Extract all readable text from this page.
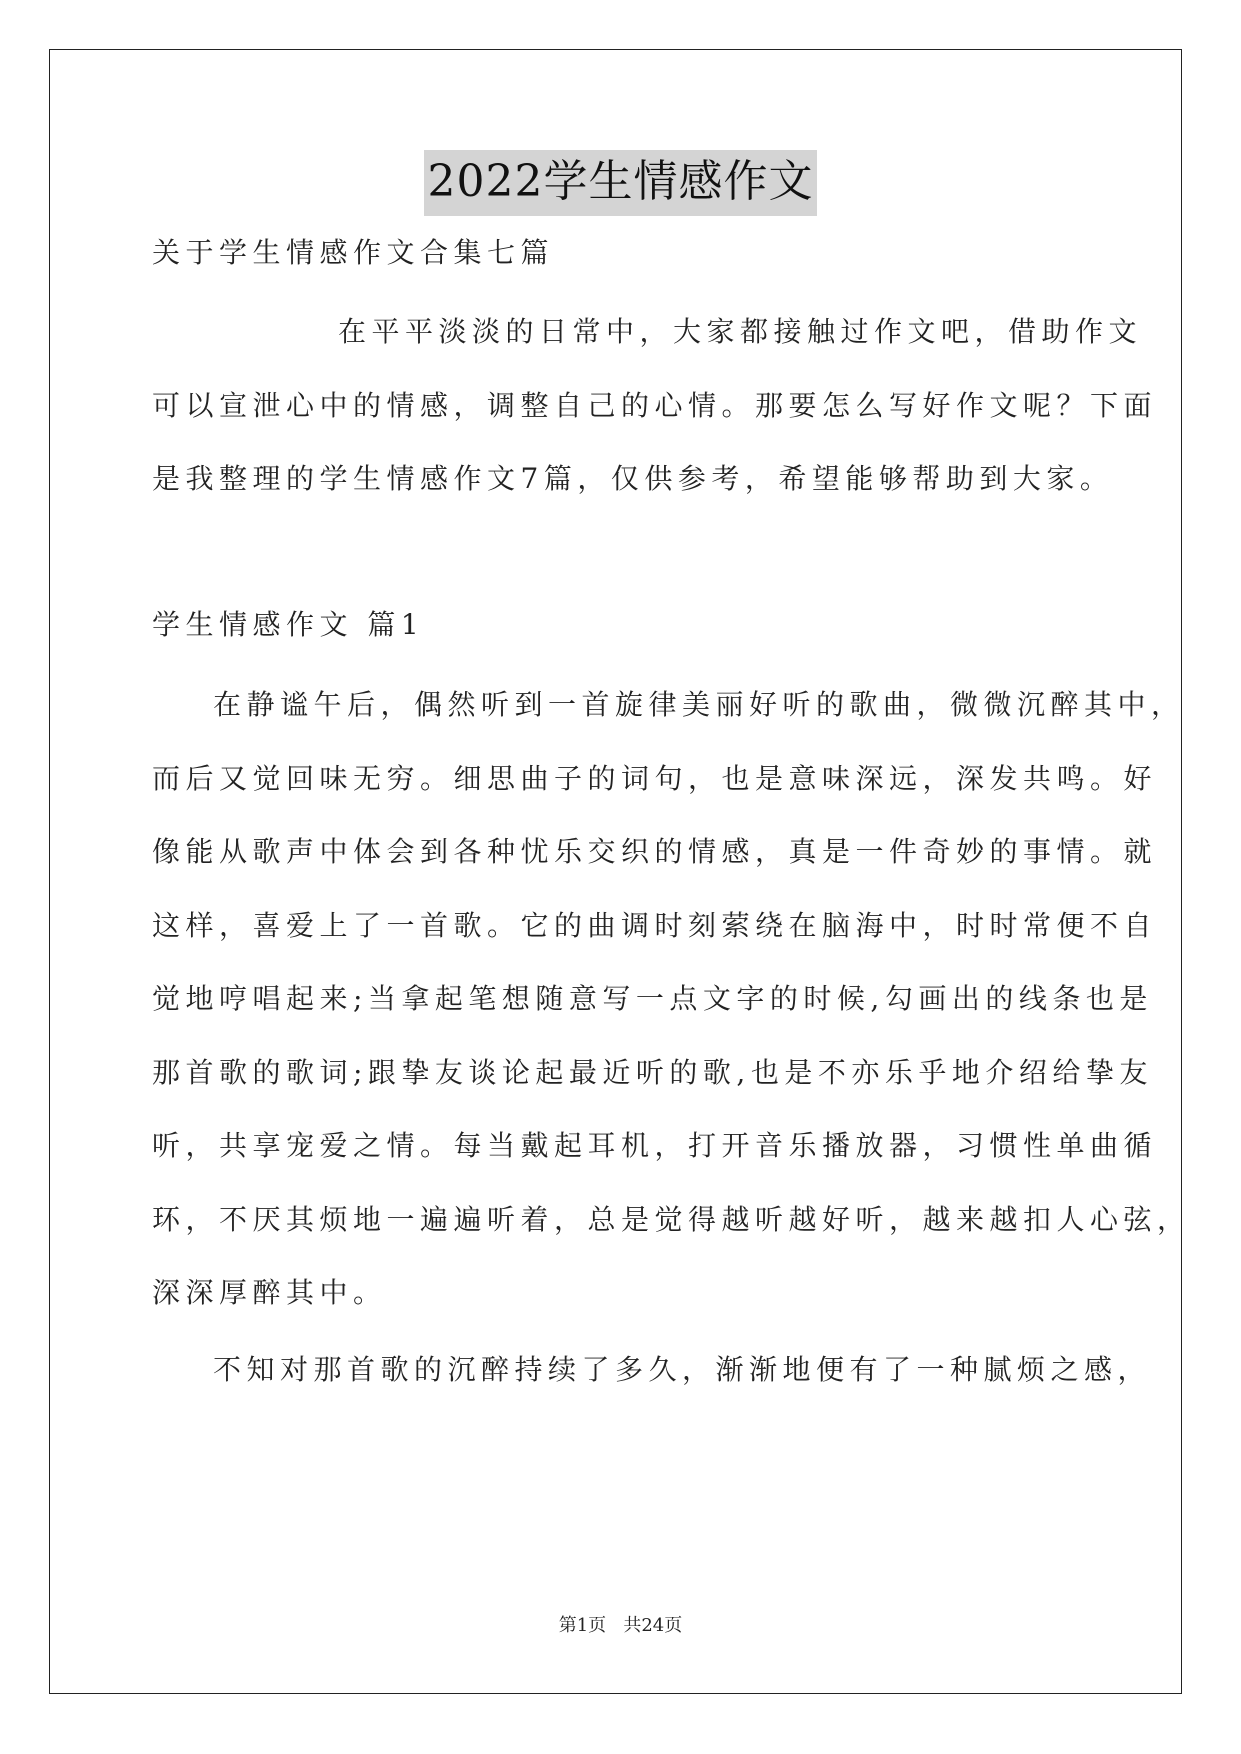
2022学生情感作文
关于学生情感作文合集七篇
在平平淡淡的日常中，大家都接触过作文吧，借助作文
可以宣泄心中的情感，调整自己的心情。那要怎么写好作文呢？下面
是我整理的学生情感作文7篇，仅供参考，希望能够帮助到大家。
学生情感作文 篇1
在静谧午后，偶然听到一首旋律美丽好听的歌曲，微微沉醉其中，
而后又觉回味无穷。细思曲子的词句，也是意味深远，深发共鸣。好
像能从歌声中体会到各种忧乐交织的情感，真是一件奇妙的事情。就
这样，喜爱上了一首歌。它的曲调时刻萦绕在脑海中，时时常便不自
觉地哼唱起来;当拿起笔想随意写一点文字的时候,勾画出的线条也是
那首歌的歌词;跟挚友谈论起最近听的歌,也是不亦乐乎地介绍给挚友
听，共享宠爱之情。每当戴起耳机，打开音乐播放器，习惯性单曲循
环，不厌其烦地一遍遍听着，总是觉得越听越好听，越来越扣人心弦，
深深厚醉其中。
不知对那首歌的沉醉持续了多久，渐渐地便有了一种腻烦之感，
第1页   共24页
